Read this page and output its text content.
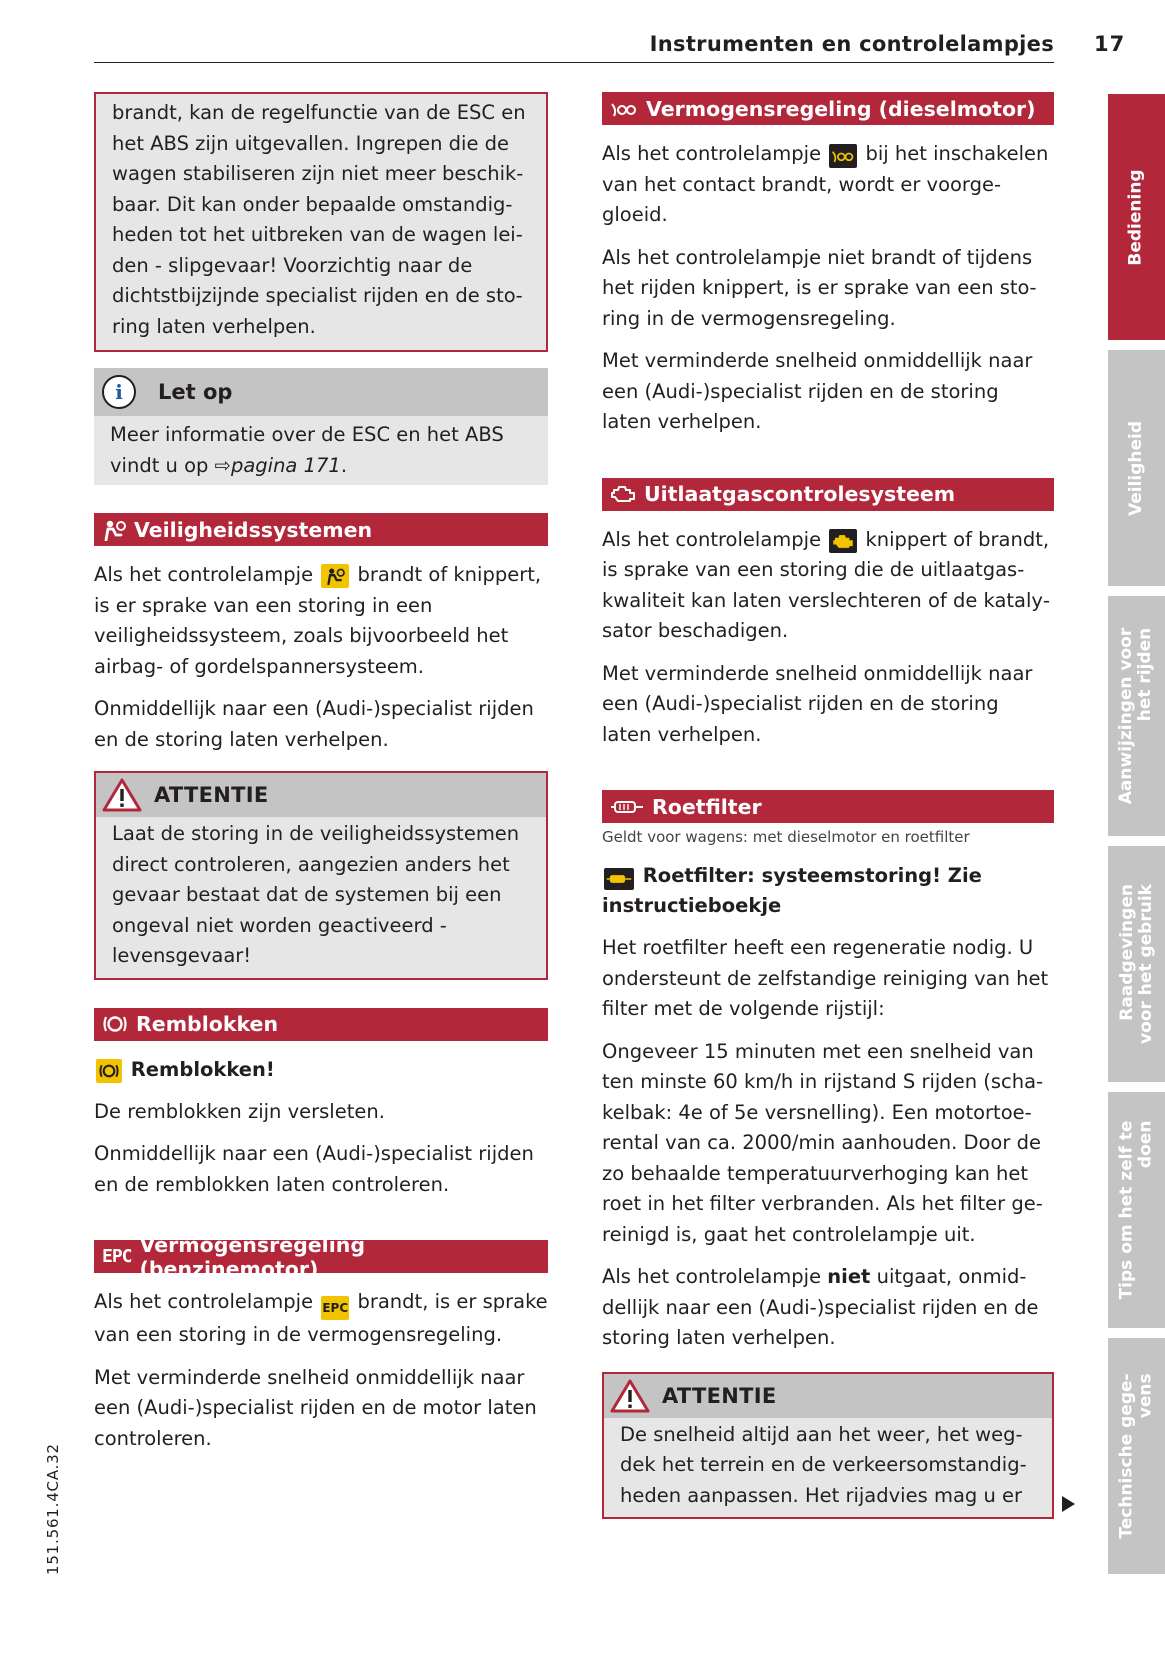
Instrumenten en controlelampjes 17
brandt, kan de regelfunctie van de ESC en het ABS zijn uitgevallen. Ingrepen die de wagen stabiliseren zijn niet meer beschikbaar. Dit kan onder bepaalde omstandigheden tot het uitbreken van de wagen leiden - slipgevaar! Voorzichtig naar de dichtstbijzijnde specialist rijden en de storing laten verhelpen.
i	Let op
Meer informatie over de ESC en het ABS vindt u op ⇨pagina 171.
Veiligheidssystemen

Als het controlelampje
brandt of knippert, is er sprake van een storing in een veiligheidssysteem, zoals bijvoorbeeld het airbag- of gordelspannersysteem.

Onmiddellijk naar een (Audi-)specialist rijden en de storing laten verhelpen.

ATTENTIE
Laat de storing in de veiligheidssystemen direct controleren, aangezien anders het gevaar bestaat dat de systemen bij een ongeval niet worden geactiveerd - levensgevaar!
Remblokken
Remblokken!

De remblokken zijn versleten.

Onmiddellijk naar een (Audi-)specialist rijden en de remblokken laten controleren.

EPC Vermogensregeling (benzinemotor)

Als het controlelampje EPC brandt, is er sprake van een storing in de vermogensregeling.

Met verminderde snelheid onmiddellijk naar een (Audi-)specialist rijden en de motor laten controleren.

Vermogensregeling (dieselmotor)

Als het controlelampje
bij het inschakelen van het contact brandt, wordt er voorgegloeid.

Als het controlelampje niet brandt of tijdens het rijden knippert, is er sprake van een storing in de vermogensregeling.

Met verminderde snelheid onmiddellijk naar een (Audi-)specialist rijden en de storing laten verhelpen.

Uitlaatgascontrolesysteem

Als het controlelampje
knippert of brandt, is sprake van een storing die de uitlaatgaskwaliteit kan laten verslechteren of de katalysator beschadigen.

Met verminderde snelheid onmiddellijk naar een (Audi-)specialist rijden en de storing laten verhelpen.

Roetfilter
Geldt voor wagens: met dieselmotor en roetfilter
Roetfilter: systeemstoring! Zie instructieboekje

Het roetfilter heeft een regeneratie nodig. U ondersteunt de zelfstandige reiniging van het filter met de volgende rijstijl:

Ongeveer 15 minuten met een snelheid van ten minste 60 km/h in rijstand S rijden (schakelbak: 4e of 5e versnelling). Een motortoerental van ca. 2000/min aanhouden. Door de zo behaalde temperatuurverhoging kan het roet in het filter verbranden. Als het filter gereinigd is, gaat het controlelampje uit.

Als het controlelampje niet uitgaat, onmiddellijk naar een (Audi-)specialist rijden en de storing laten verhelpen.

ATTENTIE
De snelheid altijd aan het weer, het wegdek het terrein en de verkeersomstandigheden aanpassen. Het rijadvies mag u er
Bediening
Veiligheid
Aanwijzingen voor het rijden
Raadgevingen voor het gebruik
Tips om het zelf te doen
Technische gege- vens
151.561.4CA.32
